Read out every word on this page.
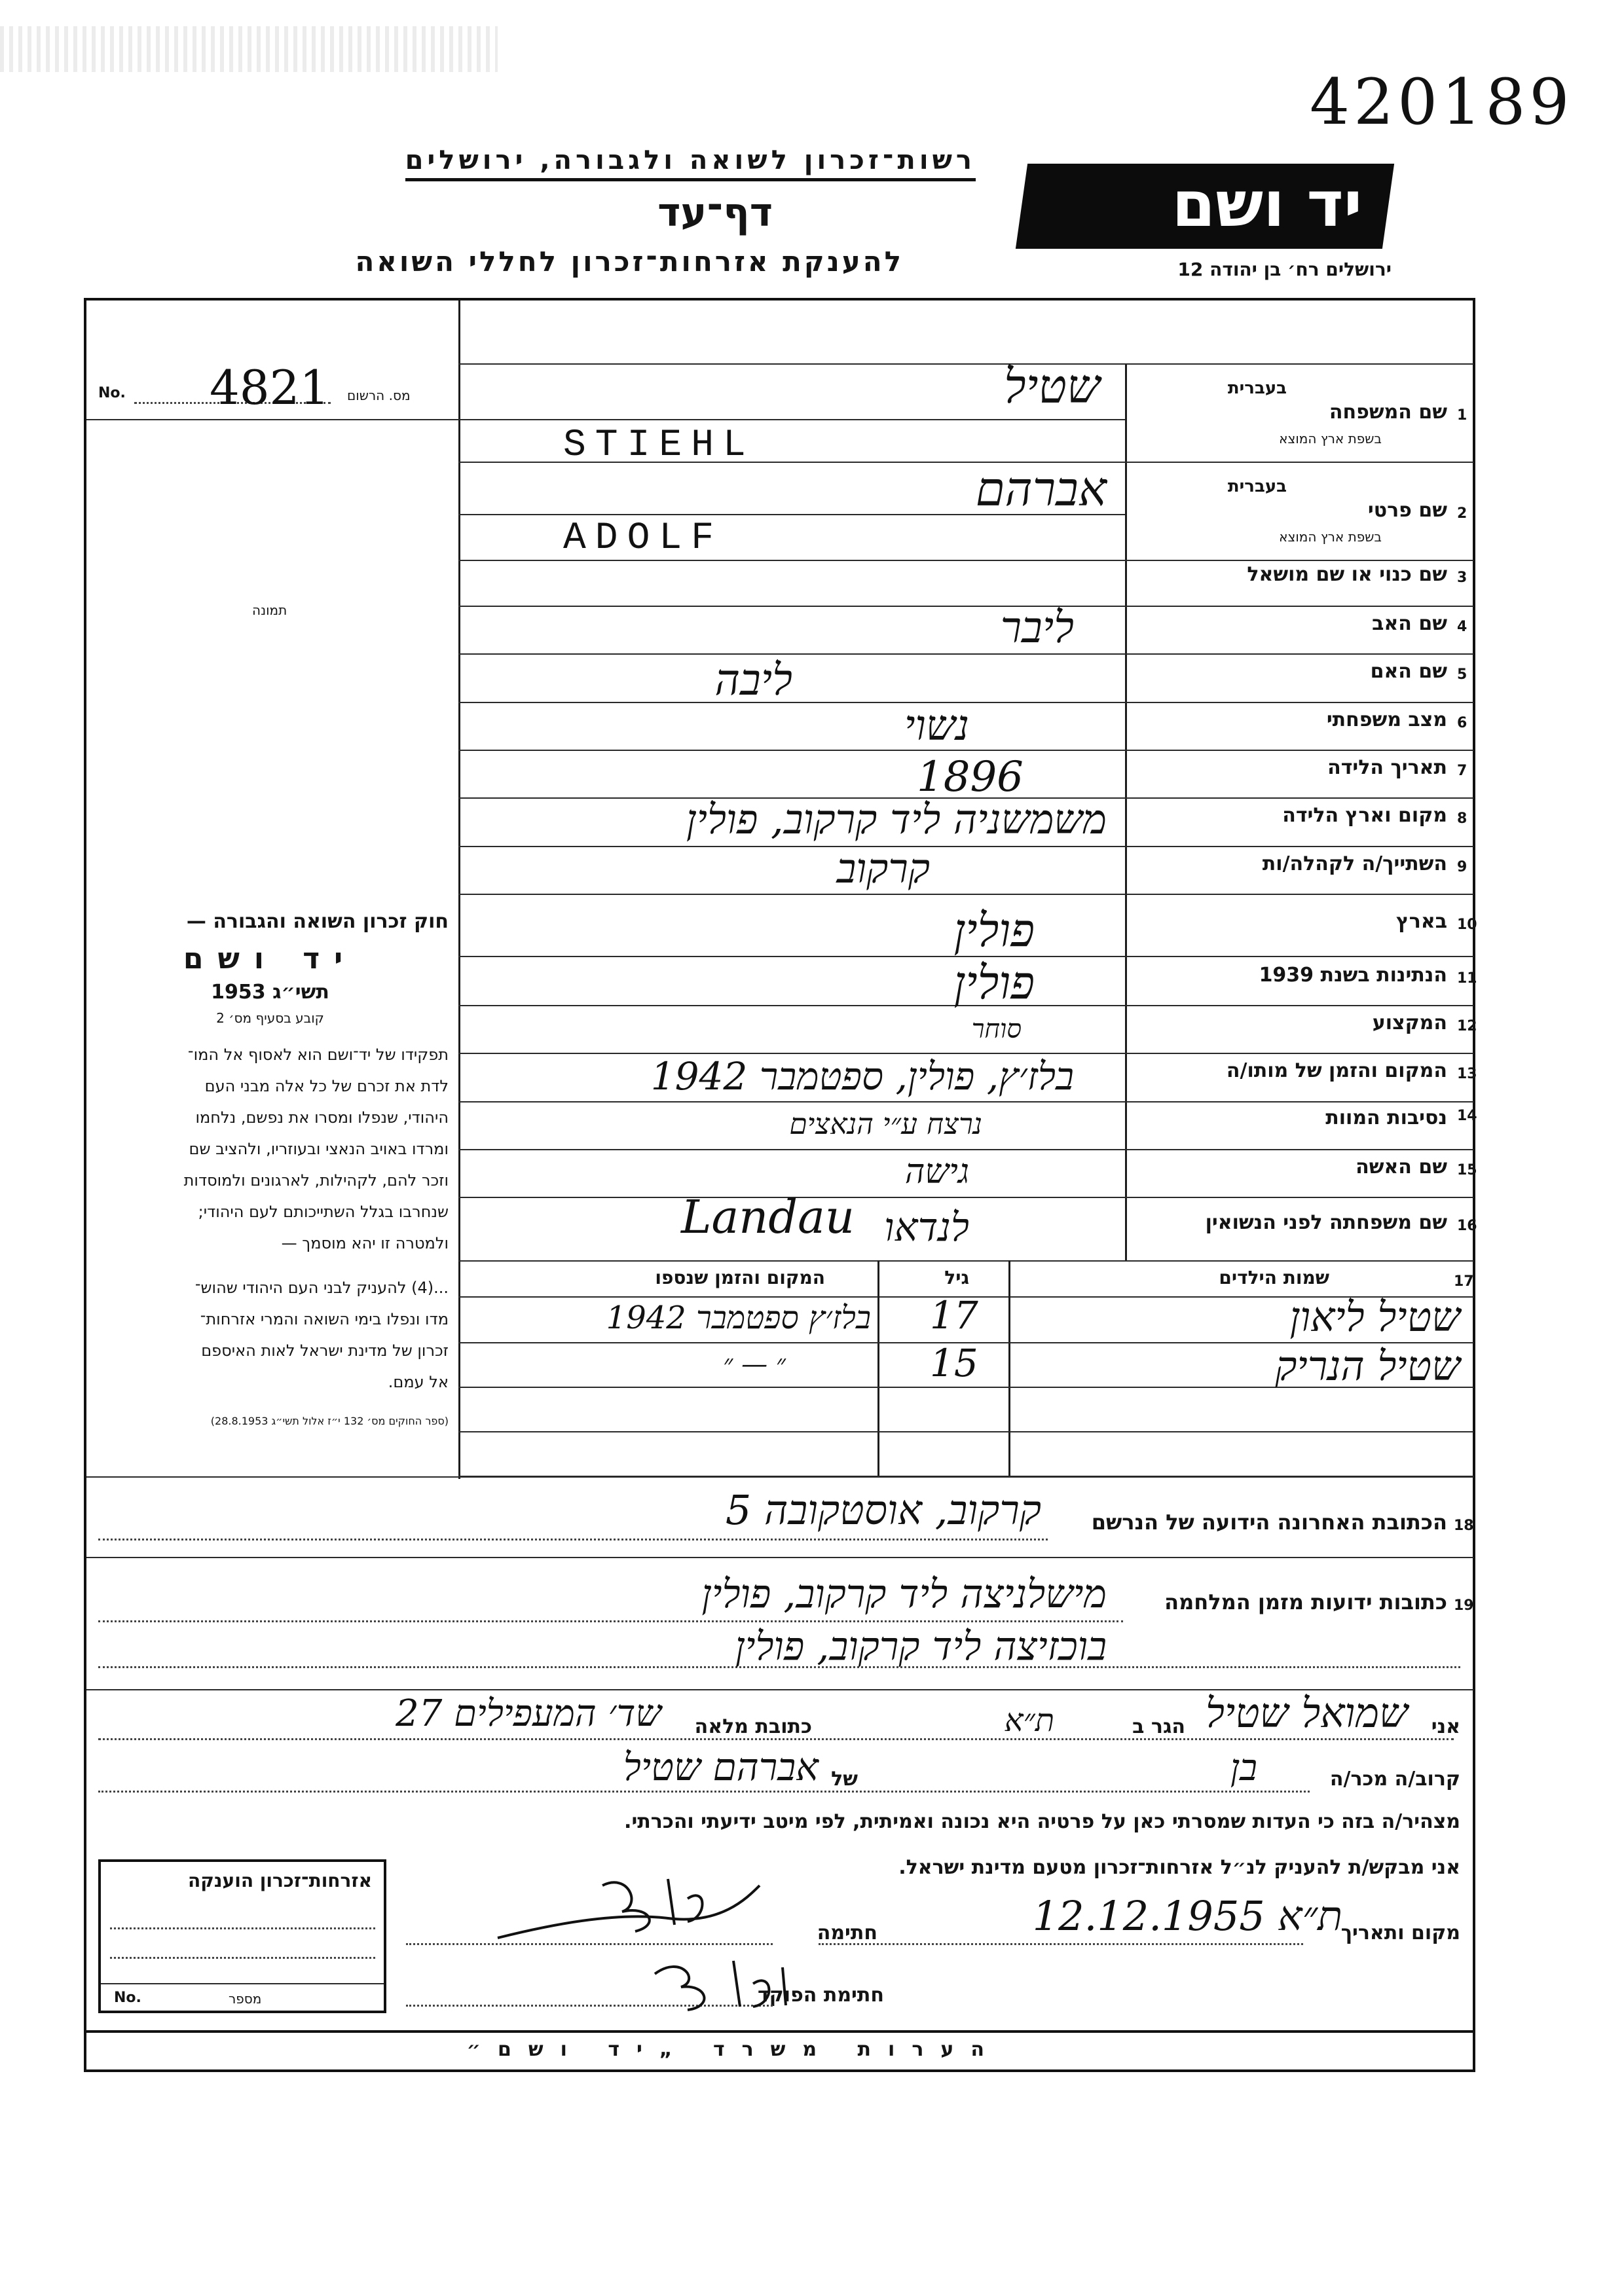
420189
יד ושם
ירושלים רח׳ בן יהודה 12
רשות־זכרון לשואה ולגבורה, ירושלים
דף־עד
להענקת אזרחות־זכרון לחללי השואה
הערות משרד „יד ושם״
No. 4821 מס. הרשום
תמונה
חוק זכרון השואה והגבורה —
יד ושם
תשי״ג 1953
קובע בסעיף מס׳ 2
תפקידו של יד־ושם הוא לאסוף אל המו־
לדת את זכרם של כל אלה מבני העם
היהודי, שנפלו ומסרו את נפשם, נלחמו
ומרדו באויב הנאצי ובעוזריו, ולהציב שם
וזכר להם, לקהילות, לארגונים ולמוסדות
שנחרבו בגלל השתייכותם לעם היהודי;
ולמטרה זו יהא מוסמך —
...(4) להעניק לבני העם היהודי שהוש־
מדו ונפלו בימי השואה והמרי אזרחות־
זכרון של מדינת ישראל לאות האיספם
אל עמם.
(ספר החוקים מס׳ 132 י״ז אלול תשי״ג 28.8.1953)
1
שם המשפחה
בעברית
בשפת ארץ המוצא
שטיל
STIEHL
2
שם פרטי
בעברית
בשפת ארץ המוצא
אברהם
ADOLF
3
שם כנוי או שם מושאל
4
שם האב
ליבר
5
שם האם
ליבה
6
מצב משפחתי
נשוי
7
תאריך הלידה
1896
8
מקום וארץ הלידה
משמשניה ליד קרקוב, פולין
9
השתייך/ה לקהלה/ות
קרקוב
10
בארץ
פולין
11
הנתינות בשנת 1939
פולין
12
המקצוע
סוחר
13
המקום והזמן של מותו/ה
בלז׳ץ, פולין, ספטמבר 1942
14
נסיבות המוות
נרצח ע״י הנאצים
15
שם האשה
גישה
16
שם משפחתה לפני הנשואין
לנדאו
Landau
17
שמות הילדים
גיל
המקום והזמן שנספו
שטיל ליאון
17
בלז׳ץ ספטמבר 1942
שטיל הנריק
15
״ — ״
18
הכתובת האחרונה הידועה של הנרשם
קרקוב, אוסטקובה 5
19
כתובות ידועות מזמן המלחמה
מישלניצה ליד קרקוב, פולין
בוכזיצה ליד קרקוב, פולין
אני
שמואל שטיל
הגר ב
ת״א
כתובת מלאה
שד׳ המעפילים 27
קרוב/ה מכר/ה
בן
של
אברהם שטיל
מצהיר/ה בזה כי העדות שמסרתי כאן על פרטיה היא נכונה ואמיתית, לפי מיטב ידיעתי והכרתי.
אני מבקש/ת להעניק לנ״ל אזרחות־זכרון מטעם מדינת ישראל.
מקום ותאריך
ת״א 12.12.1955
חתימה
חתימת הפוקד
אזרחות־זכרון הוענקה
No.	מספר
